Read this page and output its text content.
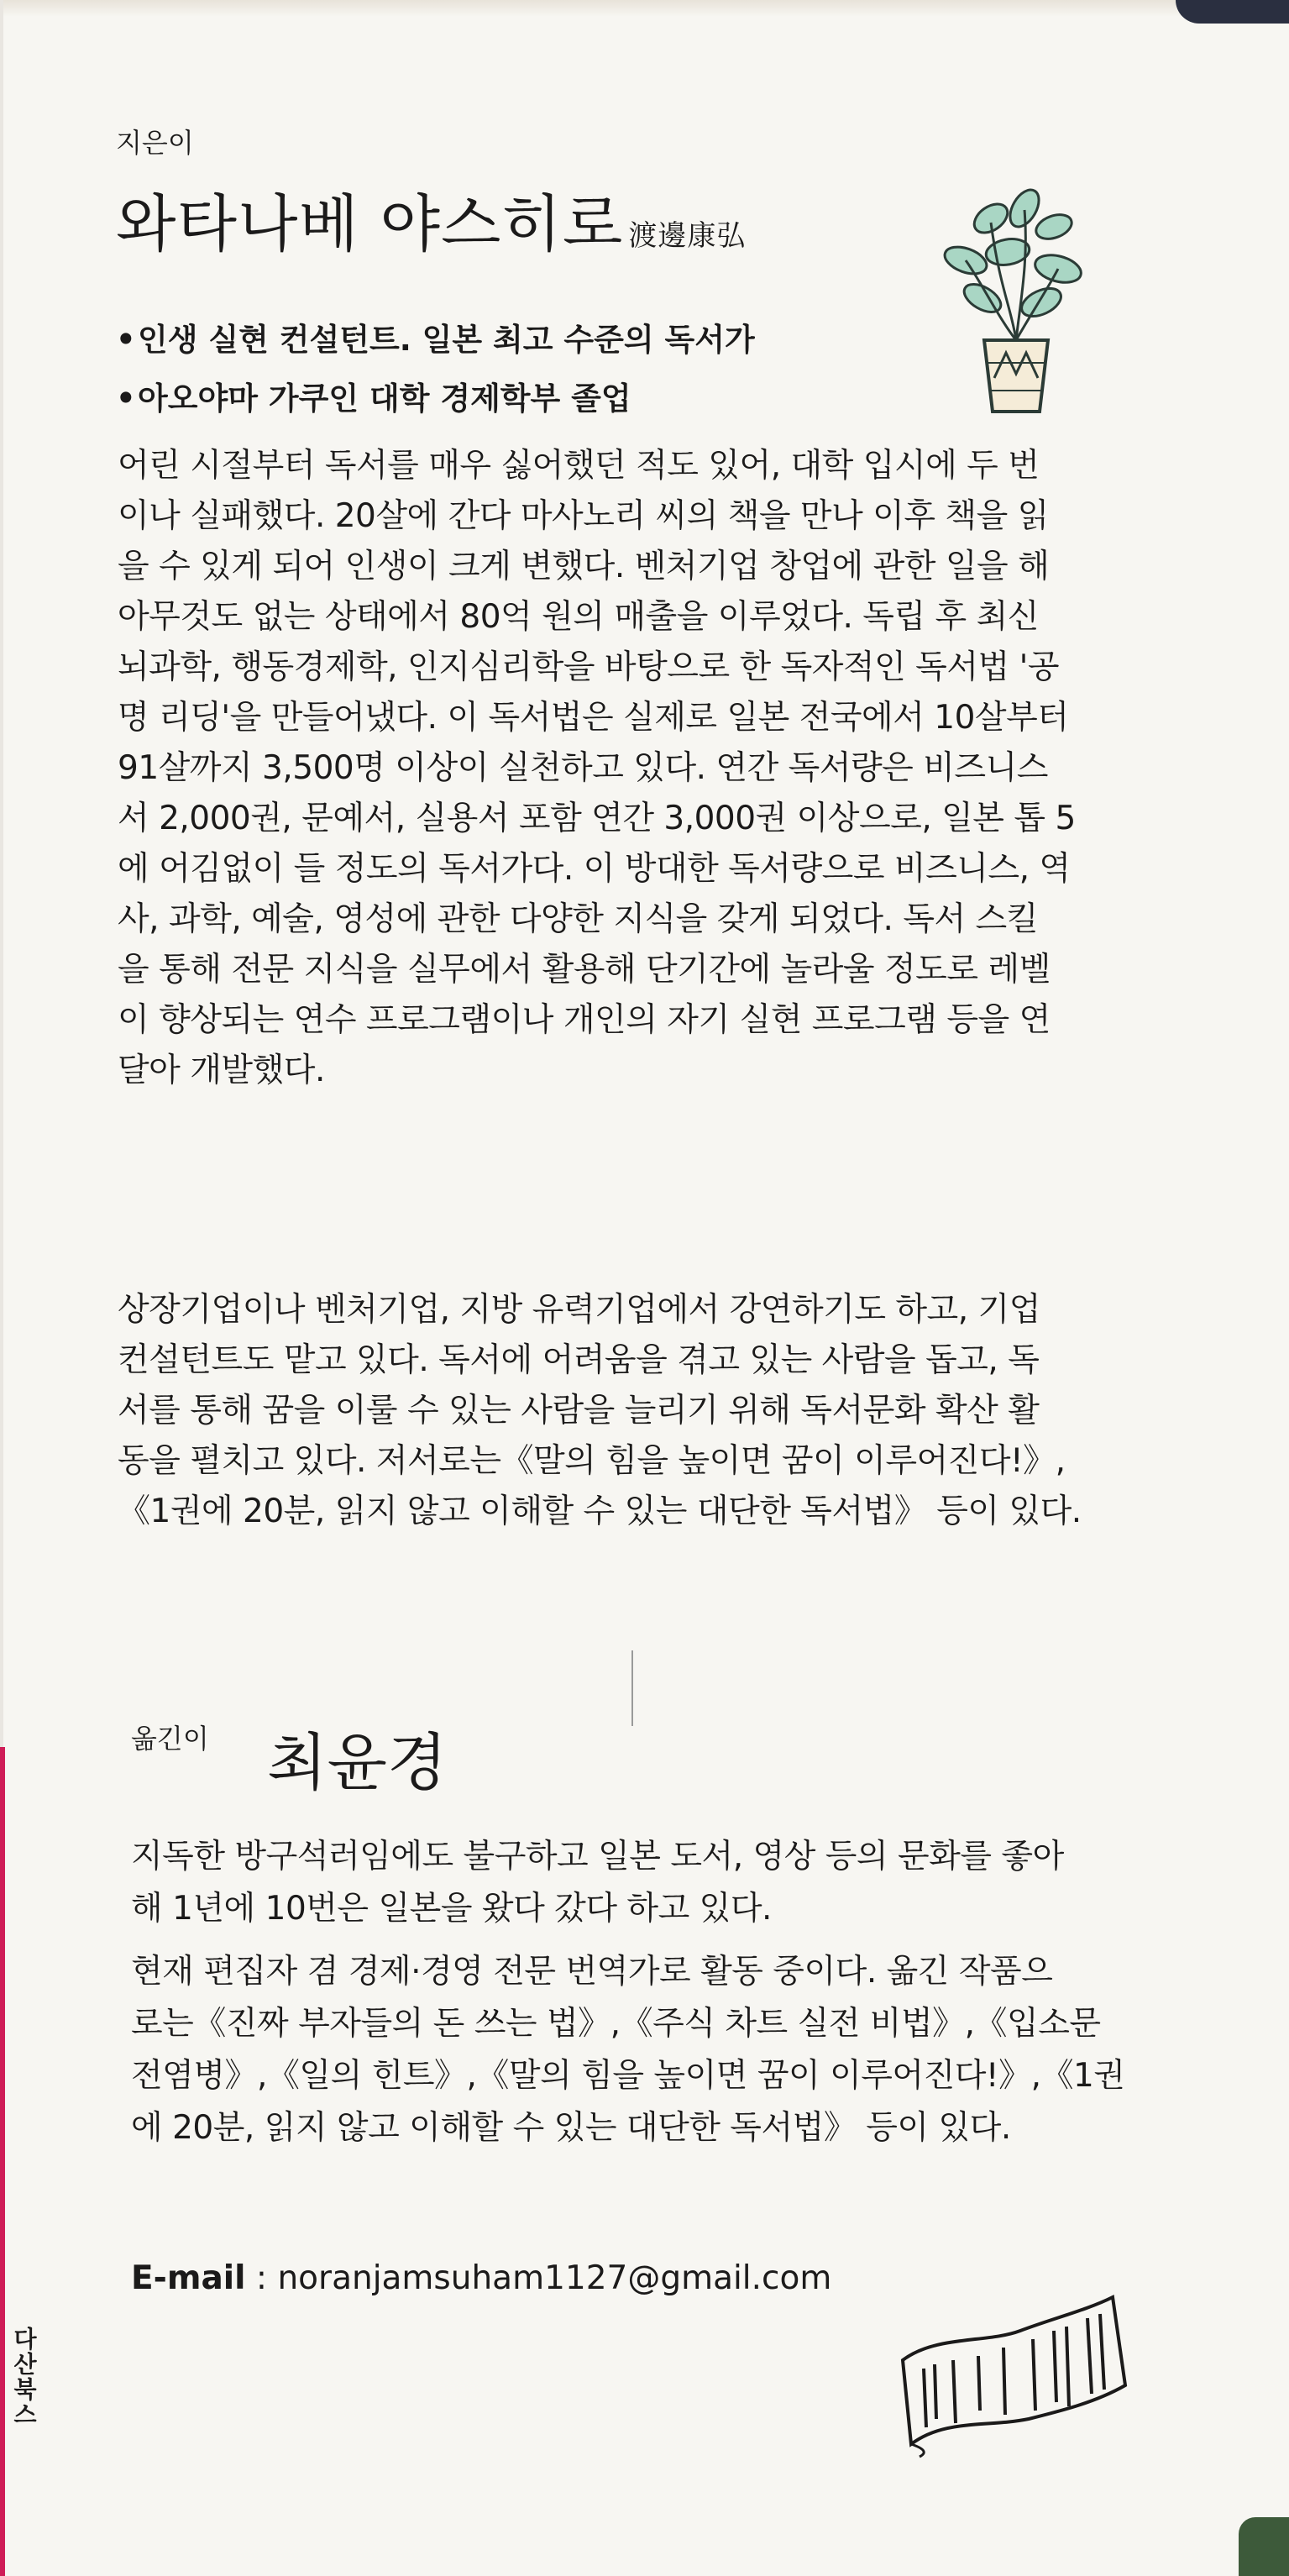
지은이
와타나베 야스히로 渡邊康弘
•인생 실현 컨설턴트. 일본 최고 수준의 독서가
•아오야마 가쿠인 대학 경제학부 졸업
어린 시절부터 독서를 매우 싫어했던 적도 있어, 대학 입시에 두 번
이나 실패했다. 20살에 간다 마사노리 씨의 책을 만나 이후 책을 읽
을 수 있게 되어 인생이 크게 변했다. 벤처기업 창업에 관한 일을 해
아무것도 없는 상태에서 80억 원의 매출을 이루었다. 독립 후 최신
뇌과학, 행동경제학, 인지심리학을 바탕으로 한 독자적인 독서법 '공
명 리딩'을 만들어냈다. 이 독서법은 실제로 일본 전국에서 10살부터
91살까지 3,500명 이상이 실천하고 있다. 연간 독서량은 비즈니스
서 2,000권, 문예서, 실용서 포함 연간 3,000권 이상으로, 일본 톱 5
에 어김없이 들 정도의 독서가다. 이 방대한 독서량으로 비즈니스, 역
사, 과학, 예술, 영성에 관한 다양한 지식을 갖게 되었다. 독서 스킬
을 통해 전문 지식을 실무에서 활용해 단기간에 놀라울 정도로 레벨
이 향상되는 연수 프로그램이나 개인의 자기 실현 프로그램 등을 연
달아 개발했다.
상장기업이나 벤처기업, 지방 유력기업에서 강연하기도 하고, 기업
컨설턴트도 맡고 있다. 독서에 어려움을 겪고 있는 사람을 돕고, 독
서를 통해 꿈을 이룰 수 있는 사람을 늘리기 위해 독서문화 확산 활
동을 펼치고 있다. 저서로는《말의 힘을 높이면 꿈이 이루어진다!》,
《1권에 20분, 읽지 않고 이해할 수 있는 대단한 독서법》 등이 있다.
옮긴이 최윤경
지독한 방구석러임에도 불구하고 일본 도서, 영상 등의 문화를 좋아
해 1년에 10번은 일본을 왔다 갔다 하고 있다.
현재 편집자 겸 경제·경영 전문 번역가로 활동 중이다. 옮긴 작품으
로는《진짜 부자들의 돈 쓰는 법》,《주식 차트 실전 비법》,《입소문
전염병》,《일의 힌트》,《말의 힘을 높이면 꿈이 이루어진다!》,《1권
에 20분, 읽지 않고 이해할 수 있는 대단한 독서법》 등이 있다.
E-mail : noranjamsuham1127@gmail.com
다산북스
